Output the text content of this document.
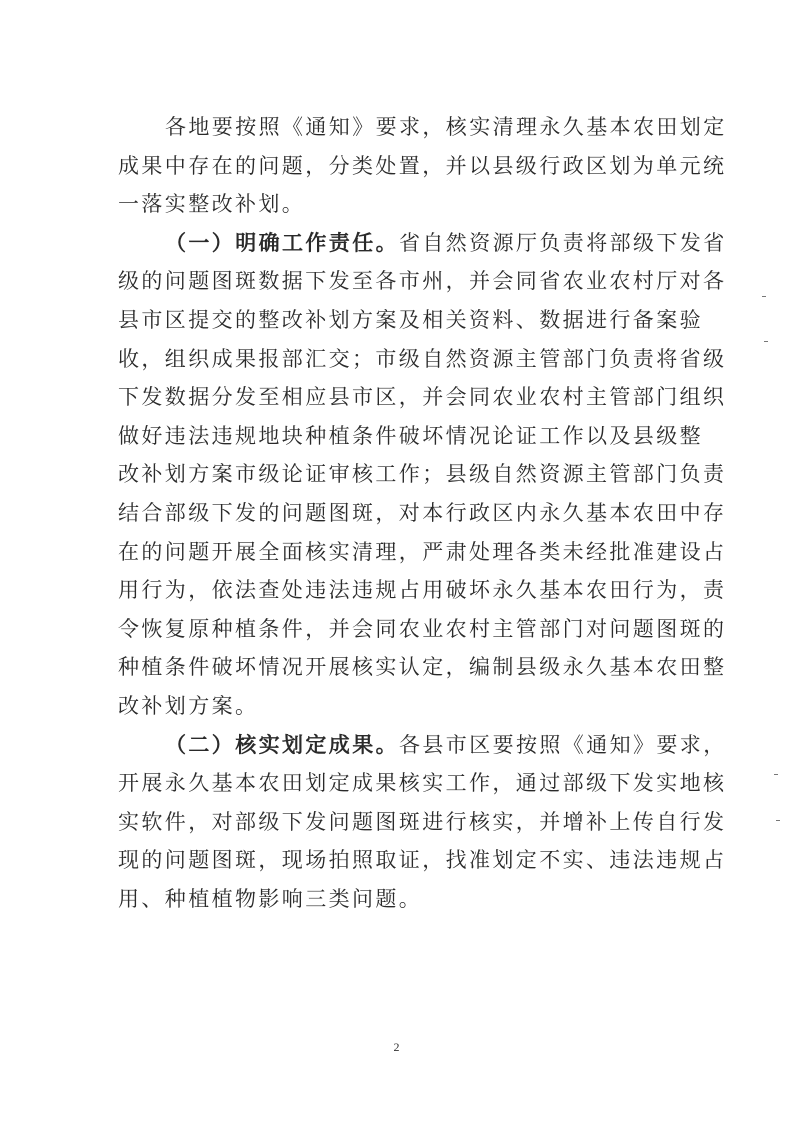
各地要按照《通知》要求，核实清理永久基本农田划定
成果中存在的问题，分类处置，并以县级行政区划为单元统
一落实整改补划。

（一）明确工作责任。省自然资源厅负责将部级下发省
级的问题图斑数据下发至各市州，并会同省农业农村厅对各
县市区提交的整改补划方案及相关资料、数据进行备案验
收，组织成果报部汇交；市级自然资源主管部门负责将省级
下发数据分发至相应县市区，并会同农业农村主管部门组织
做好违法违规地块种植条件破坏情况论证工作以及县级整
改补划方案市级论证审核工作；县级自然资源主管部门负责
结合部级下发的问题图斑，对本行政区内永久基本农田中存
在的问题开展全面核实清理，严肃处理各类未经批准建设占
用行为，依法查处违法违规占用破坏永久基本农田行为，责
令恢复原种植条件，并会同农业农村主管部门对问题图斑的
种植条件破坏情况开展核实认定，编制县级永久基本农田整
改补划方案。

（二）核实划定成果。各县市区要按照《通知》要求，
开展永久基本农田划定成果核实工作，通过部级下发实地核
实软件，对部级下发问题图斑进行核实，并增补上传自行发
现的问题图斑，现场拍照取证，找准划定不实、违法违规占
用、种植植物影响三类问题。

2
